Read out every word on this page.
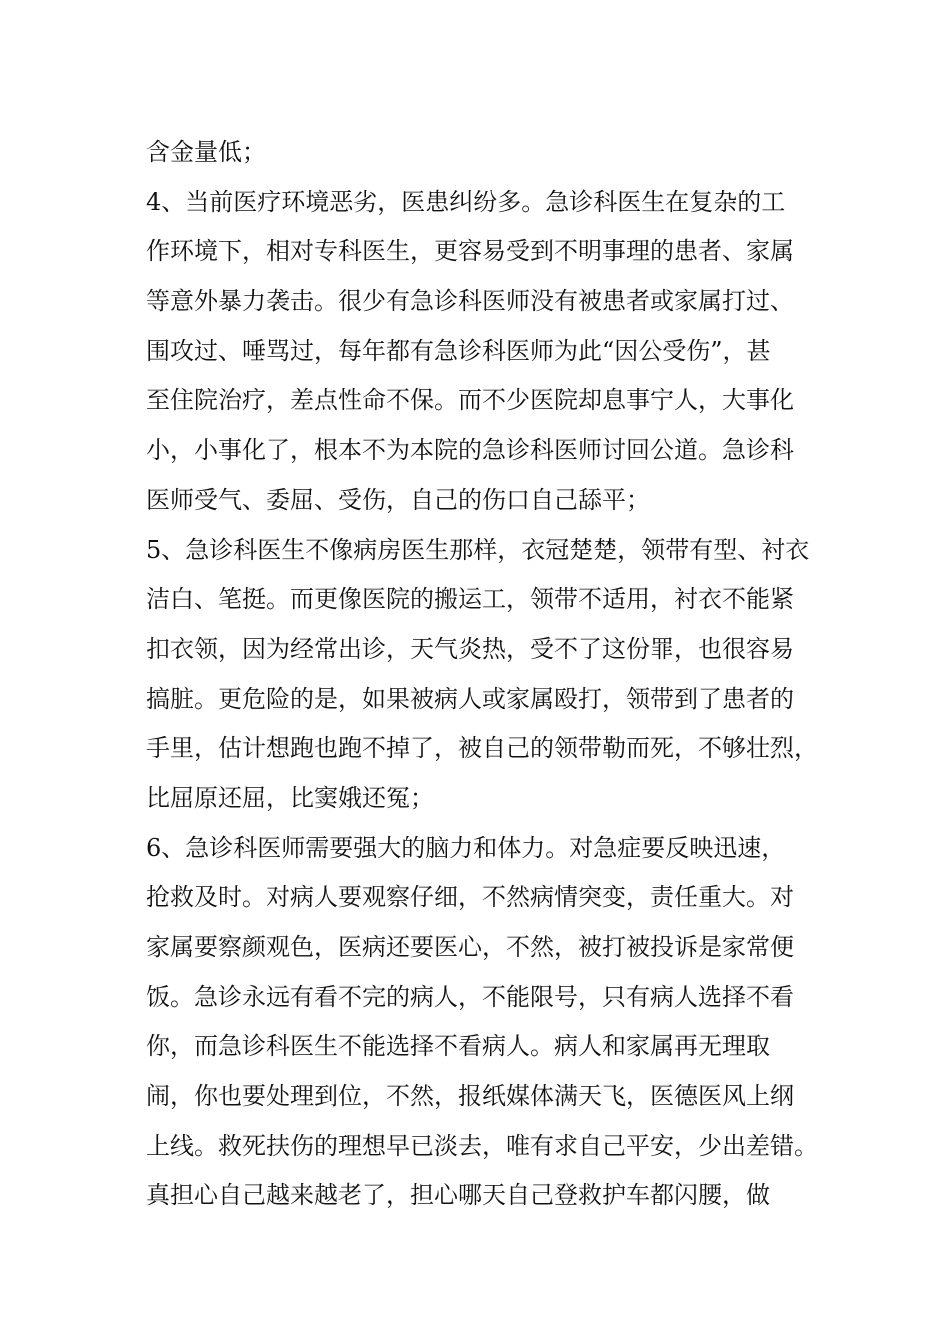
含金量低；
4、当前医疗环境恶劣，医患纠纷多。急诊科医生在复杂的工
作环境下，相对专科医生，更容易受到不明事理的患者、家属
等意外暴力袭击。很少有急诊科医师没有被患者或家属打过、
围攻过、唾骂过，每年都有急诊科医师为此“因公受伤”，甚
至住院治疗，差点性命不保。而不少医院却息事宁人，大事化
小，小事化了，根本不为本院的急诊科医师讨回公道。急诊科
医师受气、委屈、受伤，自己的伤口自己舔平；
5、急诊科医生不像病房医生那样，衣冠楚楚，领带有型、衬衣
洁白、笔挺。而更像医院的搬运工，领带不适用，衬衣不能紧
扣衣领，因为经常出诊，天气炎热，受不了这份罪，也很容易
搞脏。更危险的是，如果被病人或家属殴打，领带到了患者的
手里，估计想跑也跑不掉了，被自己的领带勒而死，不够壮烈，
比屈原还屈，比窦娥还冤；
6、急诊科医师需要强大的脑力和体力。对急症要反映迅速，
抢救及时。对病人要观察仔细，不然病情突变，责任重大。对
家属要察颜观色，医病还要医心，不然，被打被投诉是家常便
饭。急诊永远有看不完的病人，不能限号，只有病人选择不看
你，而急诊科医生不能选择不看病人。病人和家属再无理取
闹，你也要处理到位，不然，报纸媒体满天飞，医德医风上纲
上线。救死扶伤的理想早已淡去，唯有求自己平安，少出差错。
真担心自己越来越老了，担心哪天自己登救护车都闪腰，做
